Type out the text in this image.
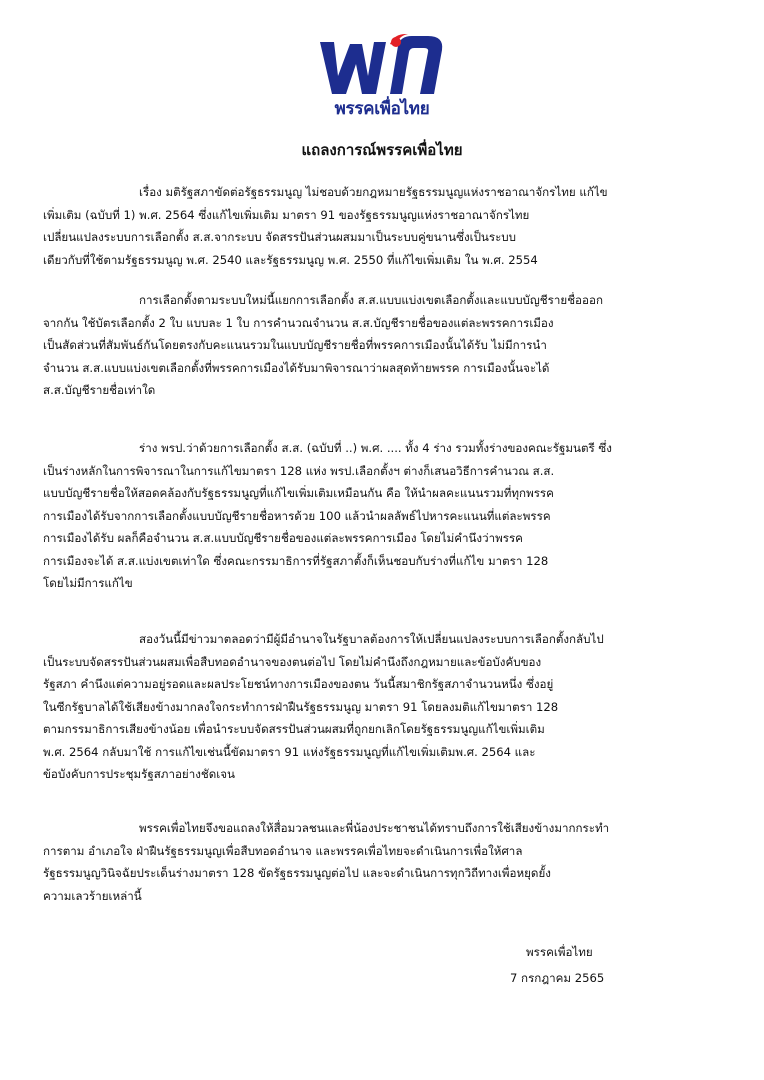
พรรคเพื่อไทย
แถลงการณ์พรรคเพื่อไทย

เรื่อง มติรัฐสภาขัดต่อรัฐธรรมนูญ ไม่ชอบด้วยกฎหมายรัฐธรรมนูญแห่งราชอาณาจักรไทย แก้ไข
เพิ่มเติม (ฉบับที่ 1) พ.ศ. 2564 ซึ่งแก้ไขเพิ่มเติม มาตรา 91 ของรัฐธรรมนูญแห่งราชอาณาจักรไทย
เปลี่ยนแปลงระบบการเลือกตั้ง ส.ส.จากระบบ จัดสรรปันส่วนผสมมาเป็นระบบคู่ขนานซึ่งเป็นระบบ
เดียวกับที่ใช้ตามรัฐธรรมนูญ พ.ศ. 2540 และรัฐธรรมนูญ พ.ศ. 2550 ที่แก้ไขเพิ่มเติม ใน พ.ศ. 2554

การเลือกตั้งตามระบบใหม่นี้แยกการเลือกตั้ง ส.ส.แบบแบ่งเขตเลือกตั้งและแบบบัญชีรายชื่อออก
จากกัน ใช้บัตรเลือกตั้ง 2 ใบ แบบละ 1 ใบ การคำนวณจำนวน ส.ส.บัญชีรายชื่อของแต่ละพรรคการเมือง
เป็นสัดส่วนที่สัมพันธ์กันโดยตรงกับคะแนนรวมในแบบบัญชีรายชื่อที่พรรคการเมืองนั้นได้รับ ไม่มีการนำ
จำนวน ส.ส.แบบแบ่งเขตเลือกตั้งที่พรรคการเมืองได้รับมาพิจารณาว่าผลสุดท้ายพรรค การเมืองนั้นจะได้
ส.ส.บัญชีรายชื่อเท่าใด

ร่าง พรป.ว่าด้วยการเลือกตั้ง ส.ส. (ฉบับที่ ..) พ.ศ. .... ทั้ง 4 ร่าง รวมทั้งร่างของคณะรัฐมนตรี ซึ่ง
เป็นร่างหลักในการพิจารณาในการแก้ไขมาตรา 128 แห่ง พรป.เลือกตั้งฯ ต่างก็เสนอวิธีการคำนวณ ส.ส.
แบบบัญชีรายชื่อให้สอดคล้องกับรัฐธรรมนูญที่แก้ไขเพิ่มเติมเหมือนกัน คือ ให้นำผลคะแนนรวมที่ทุกพรรค
การเมืองได้รับจากการเลือกตั้งแบบบัญชีรายชื่อหารด้วย 100 แล้วนำผลลัพธ์ไปหารคะแนนที่แต่ละพรรค
การเมืองได้รับ ผลก็คือจำนวน ส.ส.แบบบัญชีรายชื่อของแต่ละพรรคการเมือง โดยไม่คำนึงว่าพรรค
การเมืองจะได้ ส.ส.แบ่งเขตเท่าใด ซึ่งคณะกรรมาธิการที่รัฐสภาตั้งก็เห็นชอบกับร่างที่แก้ไข มาตรา 128
โดยไม่มีการแก้ไข

สองวันนี้มีข่าวมาตลอดว่ามีผู้มีอำนาจในรัฐบาลต้องการให้เปลี่ยนแปลงระบบการเลือกตั้งกลับไป
เป็นระบบจัดสรรปันส่วนผสมเพื่อสืบทอดอำนาจของตนต่อไป โดยไม่คำนึงถึงกฎหมายและข้อบังคับของ
รัฐสภา คำนึงแต่ความอยู่รอดและผลประโยชน์ทางการเมืองของตน วันนี้สมาชิกรัฐสภาจำนวนหนึ่ง ซึ่งอยู่
ในซีกรัฐบาลได้ใช้เสียงข้างมากลงใจกระทำการฝ่าฝืนรัฐธรรมนูญ มาตรา 91 โดยลงมติแก้ไขมาตรา 128
ตามกรรมาธิการเสียงข้างน้อย เพื่อนำระบบจัดสรรปันส่วนผสมที่ถูกยกเลิกโดยรัฐธรรมนูญแก้ไขเพิ่มเติม
พ.ศ. 2564 กลับมาใช้ การแก้ไขเช่นนี้ขัดมาตรา 91 แห่งรัฐธรรมนูญที่แก้ไขเพิ่มเติมพ.ศ. 2564 และ
ข้อบังคับการประชุมรัฐสภาอย่างชัดเจน

พรรคเพื่อไทยจึงขอแถลงให้สื่อมวลชนและพี่น้องประชาชนได้ทราบถึงการใช้เสียงข้างมากกระทำ
การตาม อำเภอใจ ฝ่าฝืนรัฐธรรมนูญเพื่อสืบทอดอำนาจ และพรรคเพื่อไทยจะดำเนินการเพื่อให้ศาล
รัฐธรรมนูญวินิจฉัยประเด็นร่างมาตรา 128 ขัดรัฐธรรมนูญต่อไป และจะดำเนินการทุกวิถีทางเพื่อหยุดยั้ง
ความเลวร้ายเหล่านี้

พรรคเพื่อไทย
7 กรกฎาคม 2565
